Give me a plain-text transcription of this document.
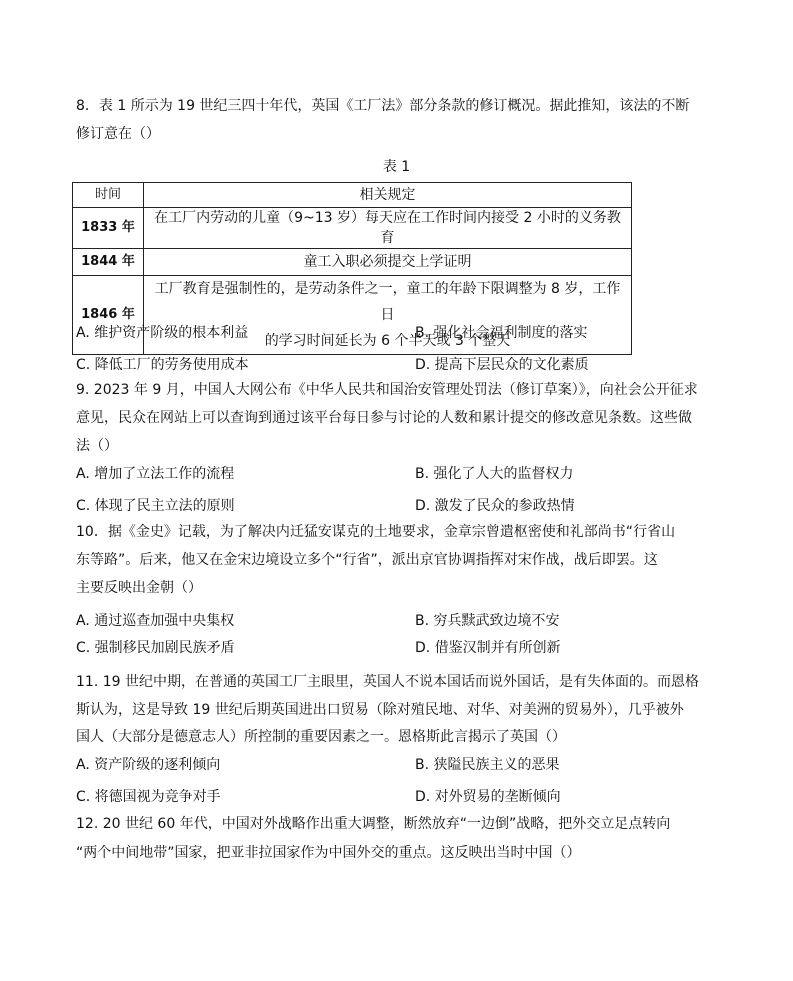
8．表 1 所示为 19 世纪三四十年代，英国《工厂法》部分条款的修订概况。据此推知，该法的不断
修订意在（）
表 1
时间	相关规定
1833 年	在工厂内劳动的儿童（9~13 岁）每天应在工作时间内接受 2 小时的义务教育
1844 年	童工入职必须提交上学证明
1846 年	工厂教育是强制性的，是劳动条件之一，童工的年龄下限调整为 8 岁，工作日
的学习时间延长为 6 个半天或 3 个整天
A. 维护资产阶级的根本利益	B. 强化社会福利制度的落实
C. 降低工厂的劳务使用成本	D. 提高下层民众的文化素质
9. 2023 年 9 月，中国人大网公布《中华人民共和国治安管理处罚法（修订草案）》，向社会公开征求
意见，民众在网站上可以查询到通过该平台每日参与讨论的人数和累计提交的修改意见条数。这些做
法（）
A. 增加了立法工作的流程	B. 强化了人大的监督权力
C. 体现了民主立法的原则	D. 激发了民众的参政热情
10．据《金史》记载，为了解决内迁猛安谋克的土地要求，金章宗曾遣枢密使和礼部尚书“行省山
东等路”。后来，他又在金宋边境设立多个“行省”，派出京官协调指挥对宋作战，战后即罢。这
主要反映出金朝（）
A. 通过巡查加强中央集权	B. 穷兵黩武致边境不安
C. 强制移民加剧民族矛盾	D. 借鉴汉制并有所创新
11. 19 世纪中期，在普通的英国工厂主眼里，英国人不说本国话而说外国话，是有失体面的。而恩格
斯认为，这是导致 19 世纪后期英国进出口贸易（除对殖民地、对华、对美洲的贸易外），几乎被外
国人（大部分是德意志人）所控制的重要因素之一。恩格斯此言揭示了英国（）
A. 资产阶级的逐利倾向	B. 狭隘民族主义的恶果
C. 将德国视为竞争对手	D. 对外贸易的垄断倾向
12. 20 世纪 60 年代，中国对外战略作出重大调整，断然放弃“一边倒”战略，把外交立足点转向
“两个中间地带”国家，把亚非拉国家作为中国外交的重点。这反映出当时中国（）
